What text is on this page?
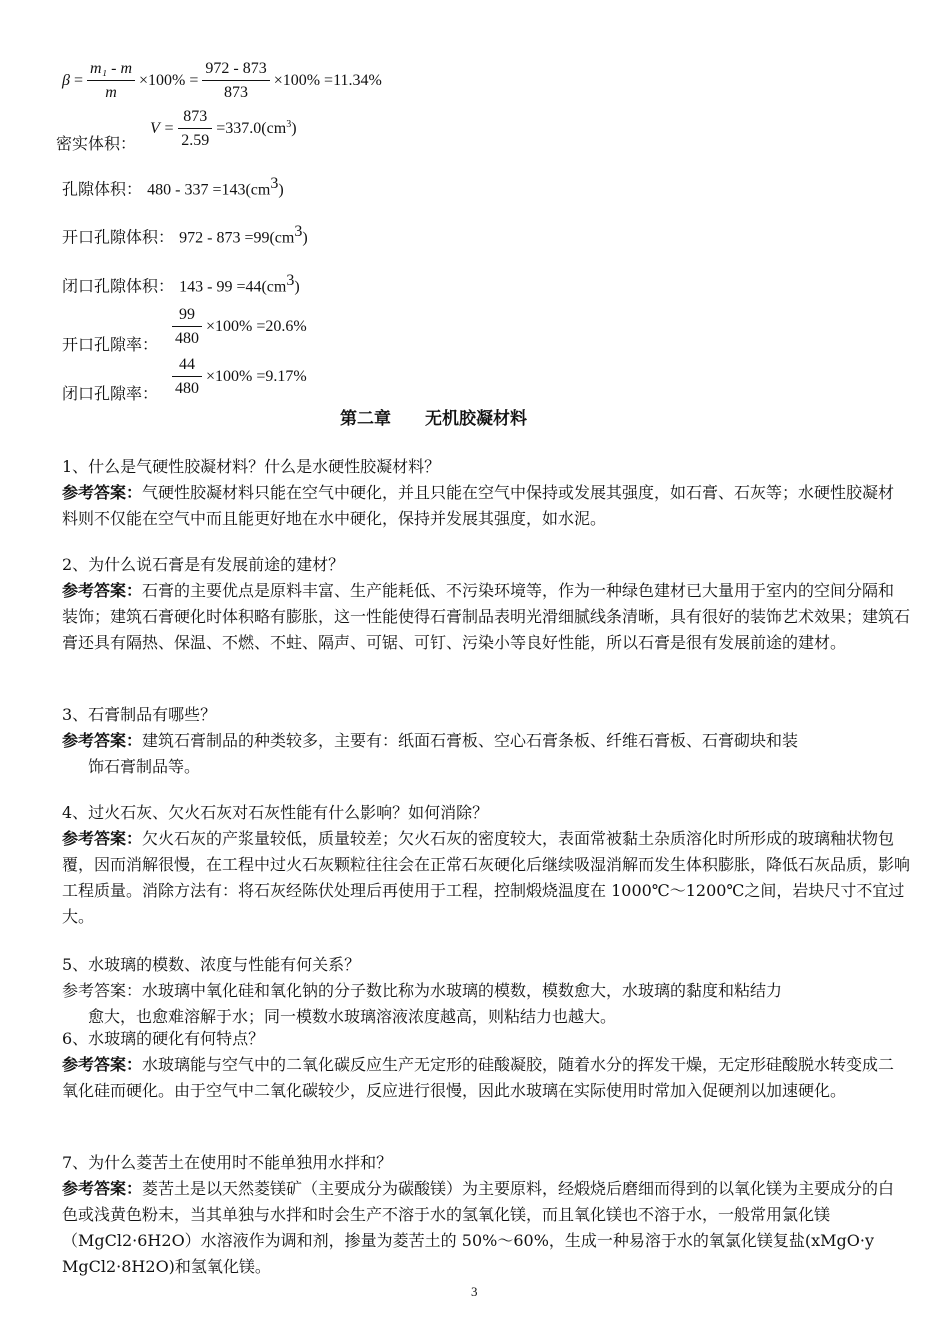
$\beta = \frac{\text{m₁ - m}}{m} \times 100\% = \frac{972 - 873}{873} \times 100\% =11.34\%$
密实体积：
$V = \frac{873}{2.59} =337.0(cm^3)$
孔隙体积： $480 - 337 =143(cm^3)$
开口孔隙体积： $972 - 873 =99(cm^3)$
闭口孔隙体积： $143 - 99 =44(cm^3)$
开口孔隙率： $\frac{99}{480} \times 100\% =20.6\%$
闭口孔隙率： $\frac{44}{480} \times 100\% =9.17\%$
第二章　　无机胶凝材料
1、什么是气硬性胶凝材料？什么是水硬性胶凝材料？
参考答案：气硬性胶凝材料只能在空气中硬化，并且只能在空气中保持或发展其强度，如石膏、石灰等；水硬性胶凝材料则不仅能在空气中而且能更好地在水中硬化，保持并发展其强度，如水泥。
2、为什么说石膏是有发展前途的建材？
参考答案：石膏的主要优点是原料丰富、生产能耗低、不污染环境等，作为一种绿色建材已大量用于室内的空间分隔和装饰；建筑石膏硬化时体积略有膨胀，这一性能使得石膏制品表明光滑细腻线条清晰，具有很好的装饰艺术效果；建筑石膏还具有隔热、保温、不燃、不蛀、隔声、可锯、可钉、污染小等良好性能，所以石膏是很有发展前途的建材。
3、石膏制品有哪些？
参考答案：建筑石膏制品的种类较多，主要有：纸面石膏板、空心石膏条板、纤维石膏板、石膏砌块和装
饰石膏制品等。
4、过火石灰、欠火石灰对石灰性能有什么影响？如何消除？
参考答案：欠火石灰的产浆量较低，质量较差；欠火石灰的密度较大，表面常被黏土杂质溶化时所形成的玻璃釉状物包覆，因而消解很慢，在工程中过火石灰颗粒往往会在正常石灰硬化后继续吸湿消解而发生体积膨胀，降低石灰品质，影响工程质量。消除方法有：将石灰经陈伏处理后再使用于工程，控制煅烧温度在 1000℃～1200℃之间，岩块尺寸不宜过大。
5、水玻璃的模数、浓度与性能有何关系？
参考答案：水玻璃中氧化硅和氧化钠的分子数比称为水玻璃的模数，模数愈大，水玻璃的黏度和粘结力
愈大，也愈难溶解于水；同一模数水玻璃溶液浓度越高，则粘结力也越大。
6、水玻璃的硬化有何特点？
参考答案：水玻璃能与空气中的二氧化碳反应生产无定形的硅酸凝胶，随着水分的挥发干燥，无定形硅酸脱水转变成二氧化硅而硬化。由于空气中二氧化碳较少，反应进行很慢，因此水玻璃在实际使用时常加入促硬剂以加速硬化。
7、为什么菱苦土在使用时不能单独用水拌和？
参考答案：菱苦土是以天然菱镁矿（主要成分为碳酸镁）为主要原料，经煅烧后磨细而得到的以氧化镁为主要成分的白色或浅黄色粉末，当其单独与水拌和时会生产不溶于水的氢氧化镁，而且氧化镁也不溶于水，一般常用氯化镁（MgCl2·6H2O）水溶液作为调和剂，掺量为菱苦土的 50%～60%，生成一种易溶于水的氧氯化镁复盐(xMgO·y MgCl2·8H2O)和氢氧化镁。
3
